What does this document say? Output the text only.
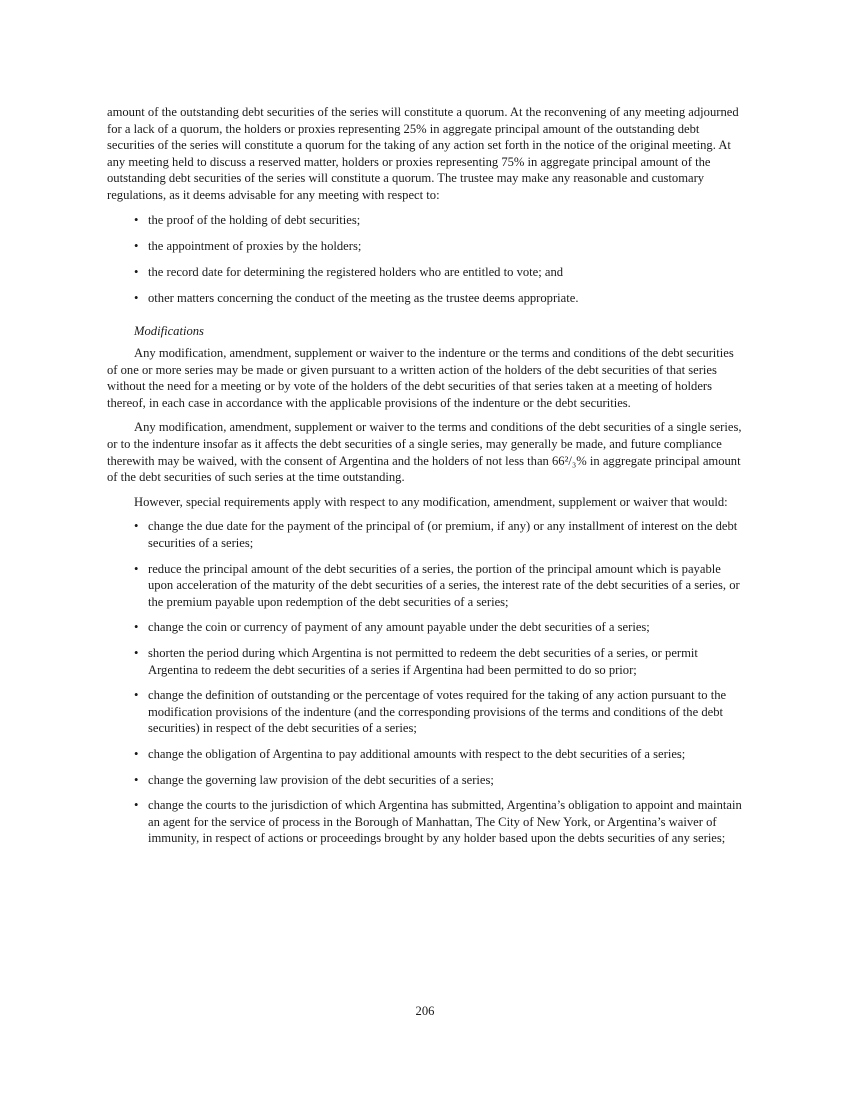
amount of the outstanding debt securities of the series will constitute a quorum. At the reconvening of any meeting adjourned for a lack of a quorum, the holders or proxies representing 25% in aggregate principal amount of the outstanding debt securities of the series will constitute a quorum for the taking of any action set forth in the notice of the original meeting. At any meeting held to discuss a reserved matter, holders or proxies representing 75% in aggregate principal amount of the outstanding debt securities of the series will constitute a quorum. The trustee may make any reasonable and customary regulations, as it deems advisable for any meeting with respect to:

• the proof of the holding of debt securities;
• the appointment of proxies by the holders;
• the record date for determining the registered holders who are entitled to vote; and
• other matters concerning the conduct of the meeting as the trustee deems appropriate.
Modifications

Any modification, amendment, supplement or waiver to the indenture or the terms and conditions of the debt securities of one or more series may be made or given pursuant to a written action of the holders of the debt securities of that series without the need for a meeting or by vote of the holders of the debt securities of that series taken at a meeting of holders thereof, in each case in accordance with the applicable provisions of the indenture or the debt securities.

Any modification, amendment, supplement or waiver to the terms and conditions of the debt securities of a single series, or to the indenture insofar as it affects the debt securities of a single series, may generally be made, and future compliance therewith may be waived, with the consent of Argentina and the holders of not less than 66²/₃% in aggregate principal amount of the debt securities of such series at the time outstanding.

However, special requirements apply with respect to any modification, amendment, supplement or waiver that would:

• change the due date for the payment of the principal of (or premium, if any) or any installment of interest on the debt securities of a series;
• reduce the principal amount of the debt securities of a series, the portion of the principal amount which is payable upon acceleration of the maturity of the debt securities of a series, the interest rate of the debt securities of a series, or the premium payable upon redemption of the debt securities of a series;
• change the coin or currency of payment of any amount payable under the debt securities of a series;
• shorten the period during which Argentina is not permitted to redeem the debt securities of a series, or permit Argentina to redeem the debt securities of a series if Argentina had been permitted to do so prior;
• change the definition of outstanding or the percentage of votes required for the taking of any action pursuant to the modification provisions of the indenture (and the corresponding provisions of the terms and conditions of the debt securities) in respect of the debt securities of a series;
• change the obligation of Argentina to pay additional amounts with respect to the debt securities of a series;
• change the governing law provision of the debt securities of a series;
• change the courts to the jurisdiction of which Argentina has submitted, Argentina’s obligation to appoint and maintain an agent for the service of process in the Borough of Manhattan, The City of New York, or Argentina’s waiver of immunity, in respect of actions or proceedings brought by any holder based upon the debts securities of any series;
206
